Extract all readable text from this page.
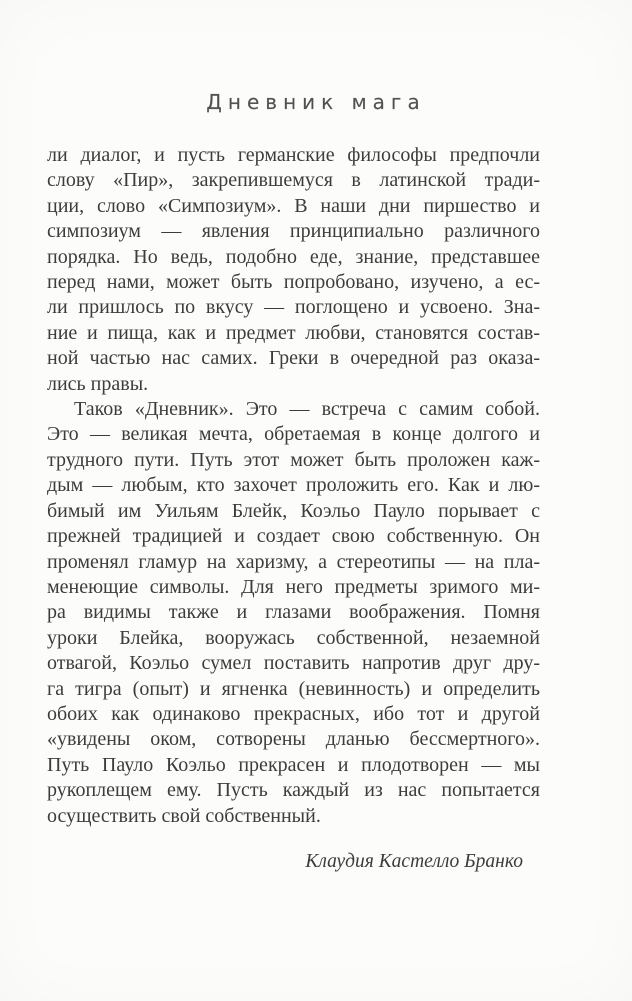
Дневник мага
ли диалог, и пусть германские философы предпочли
слову «Пир», закрепившемуся в латинской тради-
ции, слово «Симпозиум». В наши дни пиршество и
симпозиум — явления принципиально различного
порядка. Но ведь, подобно еде, знание, представшее
перед нами, может быть попробовано, изучено, а ес-
ли пришлось по вкусу — поглощено и усвоено. Зна-
ние и пища, как и предмет любви, становятся состав-
ной частью нас самих. Греки в очередной раз оказа-
лись правы.
Таков «Дневник». Это — встреча с самим собой.
Это — великая мечта, обретаемая в конце долгого и
трудного пути. Путь этот может быть проложен каж-
дым — любым, кто захочет проложить его. Как и лю-
бимый им Уильям Блейк, Коэльо Пауло порывает с
прежней традицией и создает свою собственную. Он
променял гламур на харизму, а стереотипы — на пла-
менеющие символы. Для него предметы зримого ми-
ра видимы также и глазами воображения. Помня
уроки Блейка, вооружась собственной, незаемной
отвагой, Коэльо сумел поставить напротив друг дру-
га тигра (опыт) и ягненка (невинность) и определить
обоих как одинаково прекрасных, ибо тот и другой
«увидены оком, сотворены дланью бессмертного».
Путь Пауло Коэльо прекрасен и плодотворен — мы
рукоплещем ему. Пусть каждый из нас попытается
осуществить свой собственный.
Клаудия Кастелло Бранко
